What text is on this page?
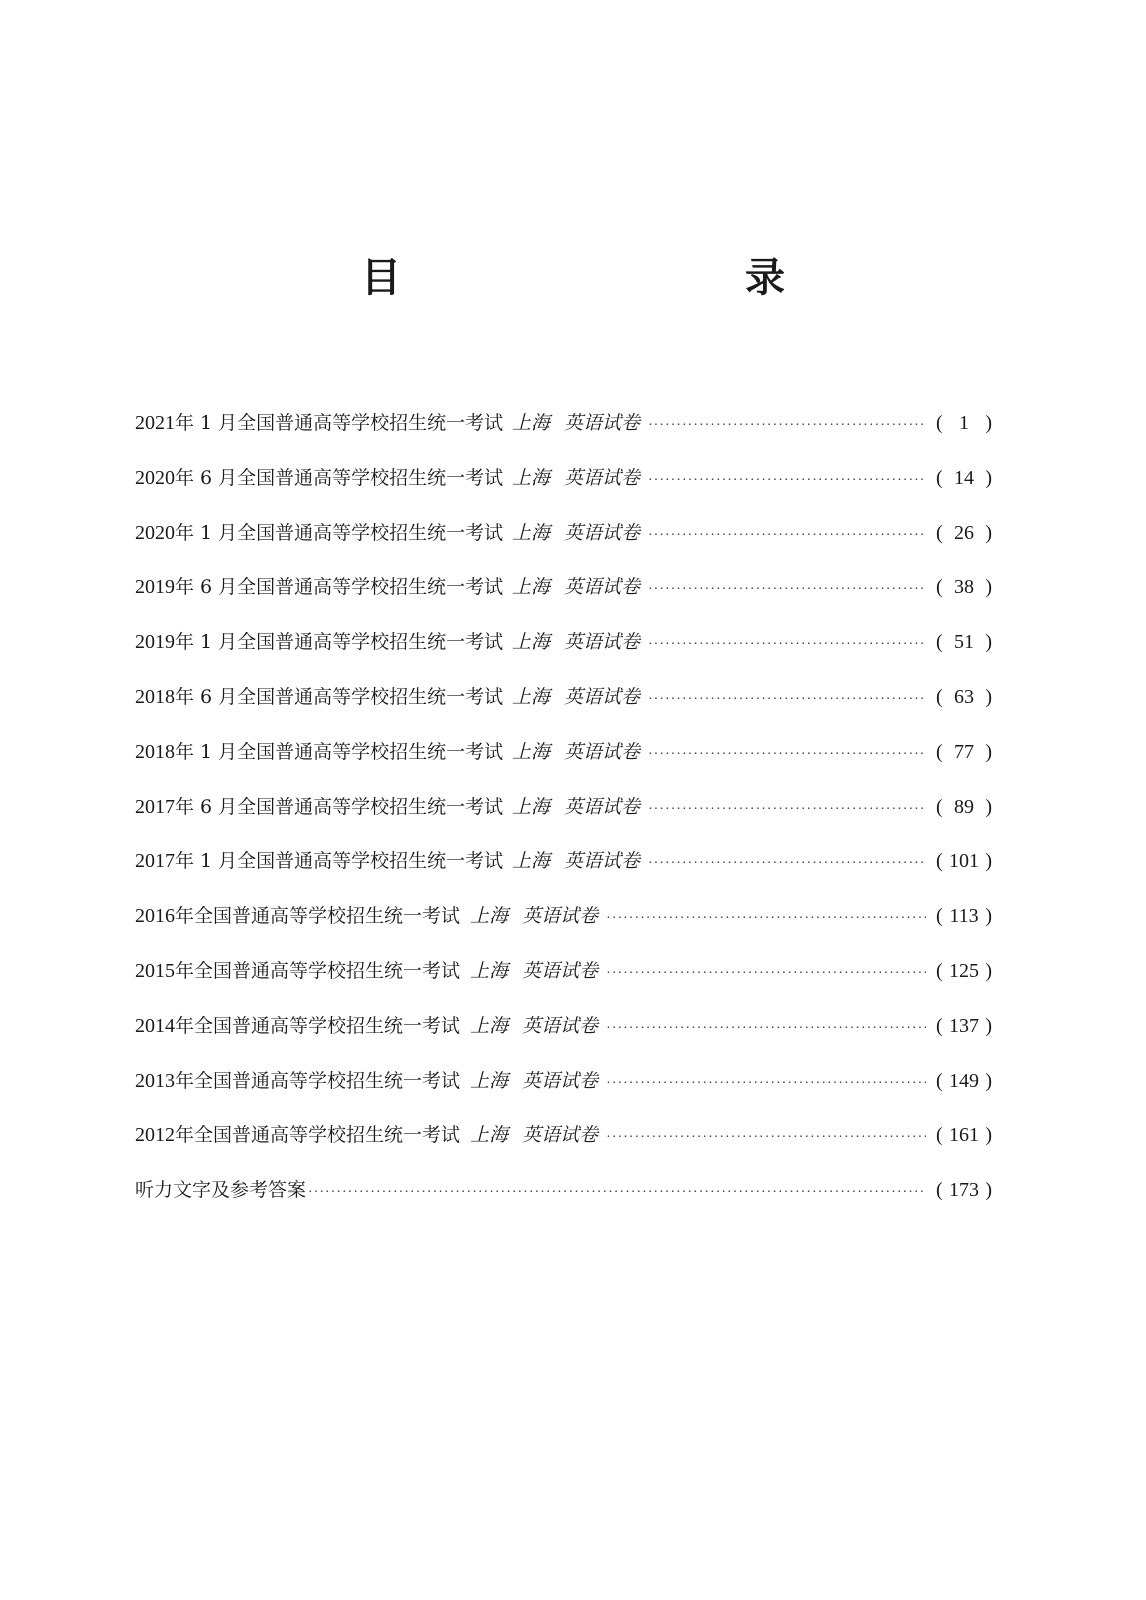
目　　录
2021 年 1 月全国普通高等学校招生统一考试 上海 英语试卷 ·····	( 1 )
2020 年 6 月全国普通高等学校招生统一考试 上海 英语试卷 ·····	( 14 )
2020 年 1 月全国普通高等学校招生统一考试 上海 英语试卷 ·····	( 26 )
2019 年 6 月全国普通高等学校招生统一考试 上海 英语试卷 ·····	( 38 )
2019 年 1 月全国普通高等学校招生统一考试 上海 英语试卷 ·····	( 51 )
2018 年 6 月全国普通高等学校招生统一考试 上海 英语试卷 ·····	( 63 )
2018 年 1 月全国普通高等学校招生统一考试 上海 英语试卷 ·····	( 77 )
2017 年 6 月全国普通高等学校招生统一考试 上海 英语试卷 ·····	( 89 )
2017 年 1 月全国普通高等学校招生统一考试 上海 英语试卷 ·····	( 101 )
2016 年全国普通高等学校招生统一考试 上海 英语试卷 ·····	( 113 )
2015 年全国普通高等学校招生统一考试 上海 英语试卷 ·····	( 125 )
2014 年全国普通高等学校招生统一考试 上海 英语试卷 ·····	( 137 )
2013 年全国普通高等学校招生统一考试 上海 英语试卷 ·····	( 149 )
2012 年全国普通高等学校招生统一考试 上海 英语试卷 ·····	( 161 )
听力文字及参考答案 ·····	( 173 )
